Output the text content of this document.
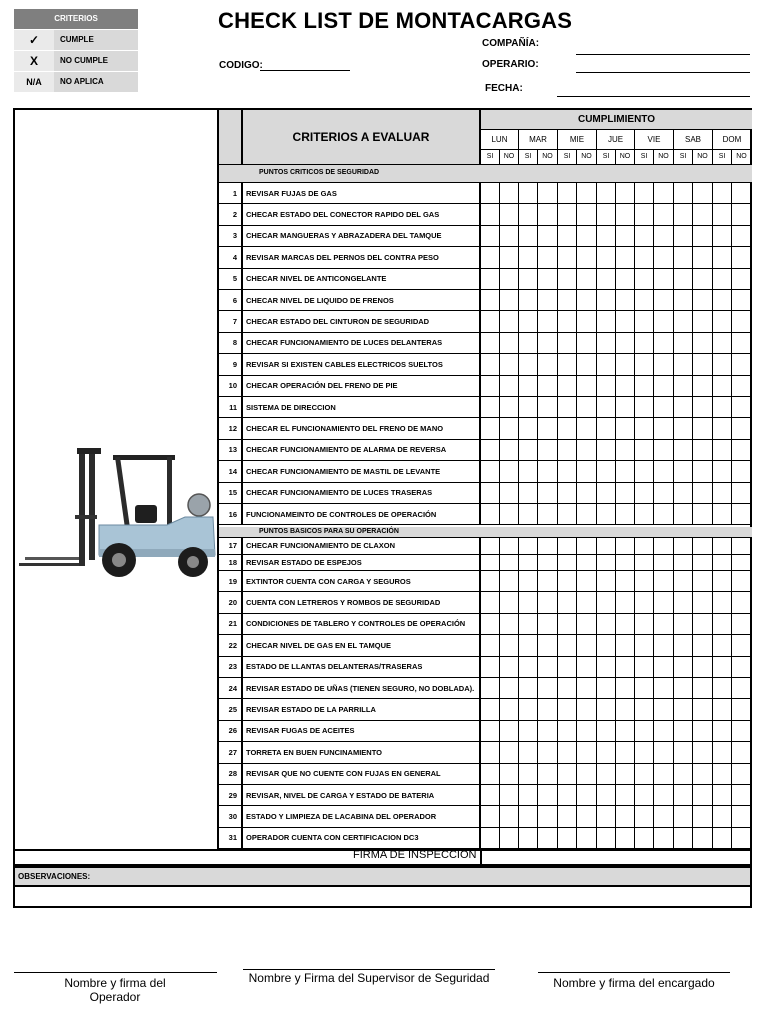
CRITERIOS	
✓	CUMPLE
X	NO CUMPLE
N/A	NO APLICA
CHECK LIST DE MONTACARGAS
CODIGO:
COMPAÑÍA:
OPERARIO:
FECHA:
CRITERIOS A EVALUAR
CUMPLIMIENTO
LUN
SI	NO
MAR
SI	NO
MIE
SI	NO
JUE
SI	NO
VIE
SI	NO
SAB
SI	NO
DOM
SI	NO
PUNTOS CRITICOS DE SEGURIDAD
PUNTOS BASICOS PARA SU OPERACIÓN
1	REVISAR FUJAS DE GAS
2	CHECAR ESTADO DEL CONECTOR RAPIDO DEL GAS
3	CHECAR MANGUERAS Y ABRAZADERA DEL TAMQUE
4	REVISAR MARCAS DEL PERNOS DEL CONTRA PESO
5	CHECAR NIVEL DE ANTICONGELANTE
6	CHECAR NIVEL DE LIQUIDO DE FRENOS
7	CHECAR ESTADO DEL CINTURON DE SEGURIDAD
8	CHECAR FUNCIONAMIENTO DE LUCES DELANTERAS
9	REVISAR SI EXISTEN CABLES ELECTRICOS SUELTOS
10	CHECAR OPERACIÓN DEL FRENO DE PIE
11	SISTEMA DE DIRECCION
12	CHECAR EL FUNCIONAMIENTO DEL FRENO DE MANO
13	CHECAR FUNCIONAMIENTO DE ALARMA DE REVERSA
14	CHECAR FUNCIONAMIENTO DE MASTIL DE LEVANTE
15	CHECAR FUNCIONAMIENTO DE LUCES TRASERAS
16	FUNCIONAMEINTO DE CONTROLES DE OPERACIÓN
17	CHECAR FUNCIONAMIENTO DE CLAXON
18	REVISAR ESTADO DE ESPEJOS
19	EXTINTOR CUENTA CON CARGA Y SEGUROS
20	CUENTA CON LETREROS Y ROMBOS DE SEGURIDAD
21	CONDICIONES DE TABLERO Y CONTROLES DE OPERACIÓN
22	CHECAR NIVEL DE GAS EN EL TAMQUE
23	ESTADO DE LLANTAS DELANTERAS/TRASERAS
24	REVISAR ESTADO DE UÑAS (TIENEN SEGURO, NO DOBLADA).
25	REVISAR ESTADO DE LA PARRILLA
26	REVISAR FUGAS DE ACEITES
27	TORRETA EN BUEN FUNCINAMIENTO
28	REVISAR QUE NO CUENTE CON FUJAS EN GENERAL
29	REVISAR, NIVEL DE CARGA Y ESTADO DE BATERIA
30	ESTADO Y LIMPIEZA DE LACABINA DEL OPERADOR
31	OPERADOR CUENTA CON CERTIFICACION DC3
FIRMA DE INSPECCION
OBSERVACIONES:
Nombre y firma del Operador
Nombre y Firma del Supervisor de Seguridad	Nombre y firma del encargado
